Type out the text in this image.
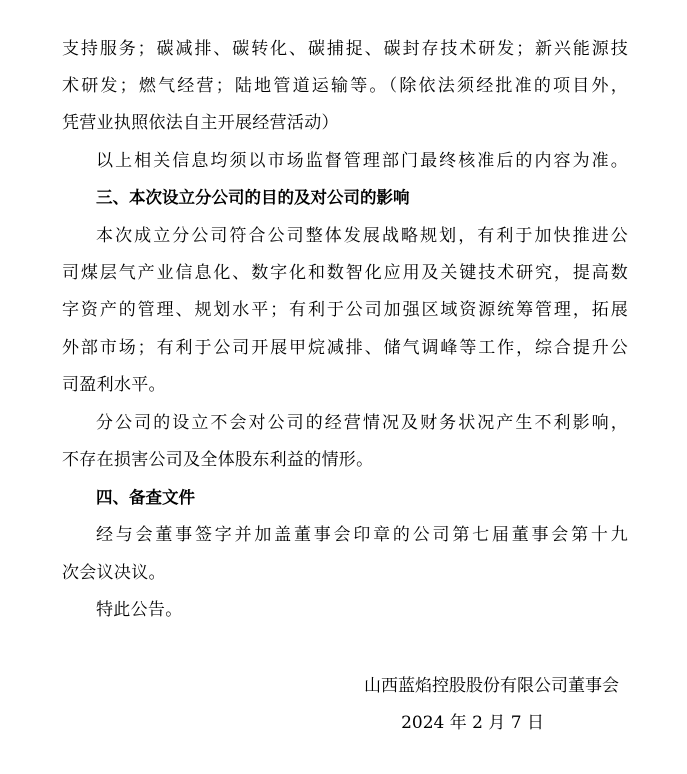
支持服务；碳减排、碳转化、碳捕捉、碳封存技术研发；新兴能源技
术研发；燃气经营；陆地管道运输等。（除依法须经批准的项目外，
凭营业执照依法自主开展经营活动）
以上相关信息均须以市场监督管理部门最终核准后的内容为准。
三、本次设立分公司的目的及对公司的影响
本次成立分公司符合公司整体发展战略规划，有利于加快推进公
司煤层气产业信息化、数字化和数智化应用及关键技术研究，提高数
字资产的管理、规划水平；有利于公司加强区域资源统筹管理，拓展
外部市场；有利于公司开展甲烷减排、储气调峰等工作，综合提升公
司盈利水平。
分公司的设立不会对公司的经营情况及财务状况产生不利影响，
不存在损害公司及全体股东利益的情形。
四、备查文件
经与会董事签字并加盖董事会印章的公司第七届董事会第十九
次会议决议。
特此公告。
山西蓝焰控股股份有限公司董事会
2024 年 2 月 7 日
